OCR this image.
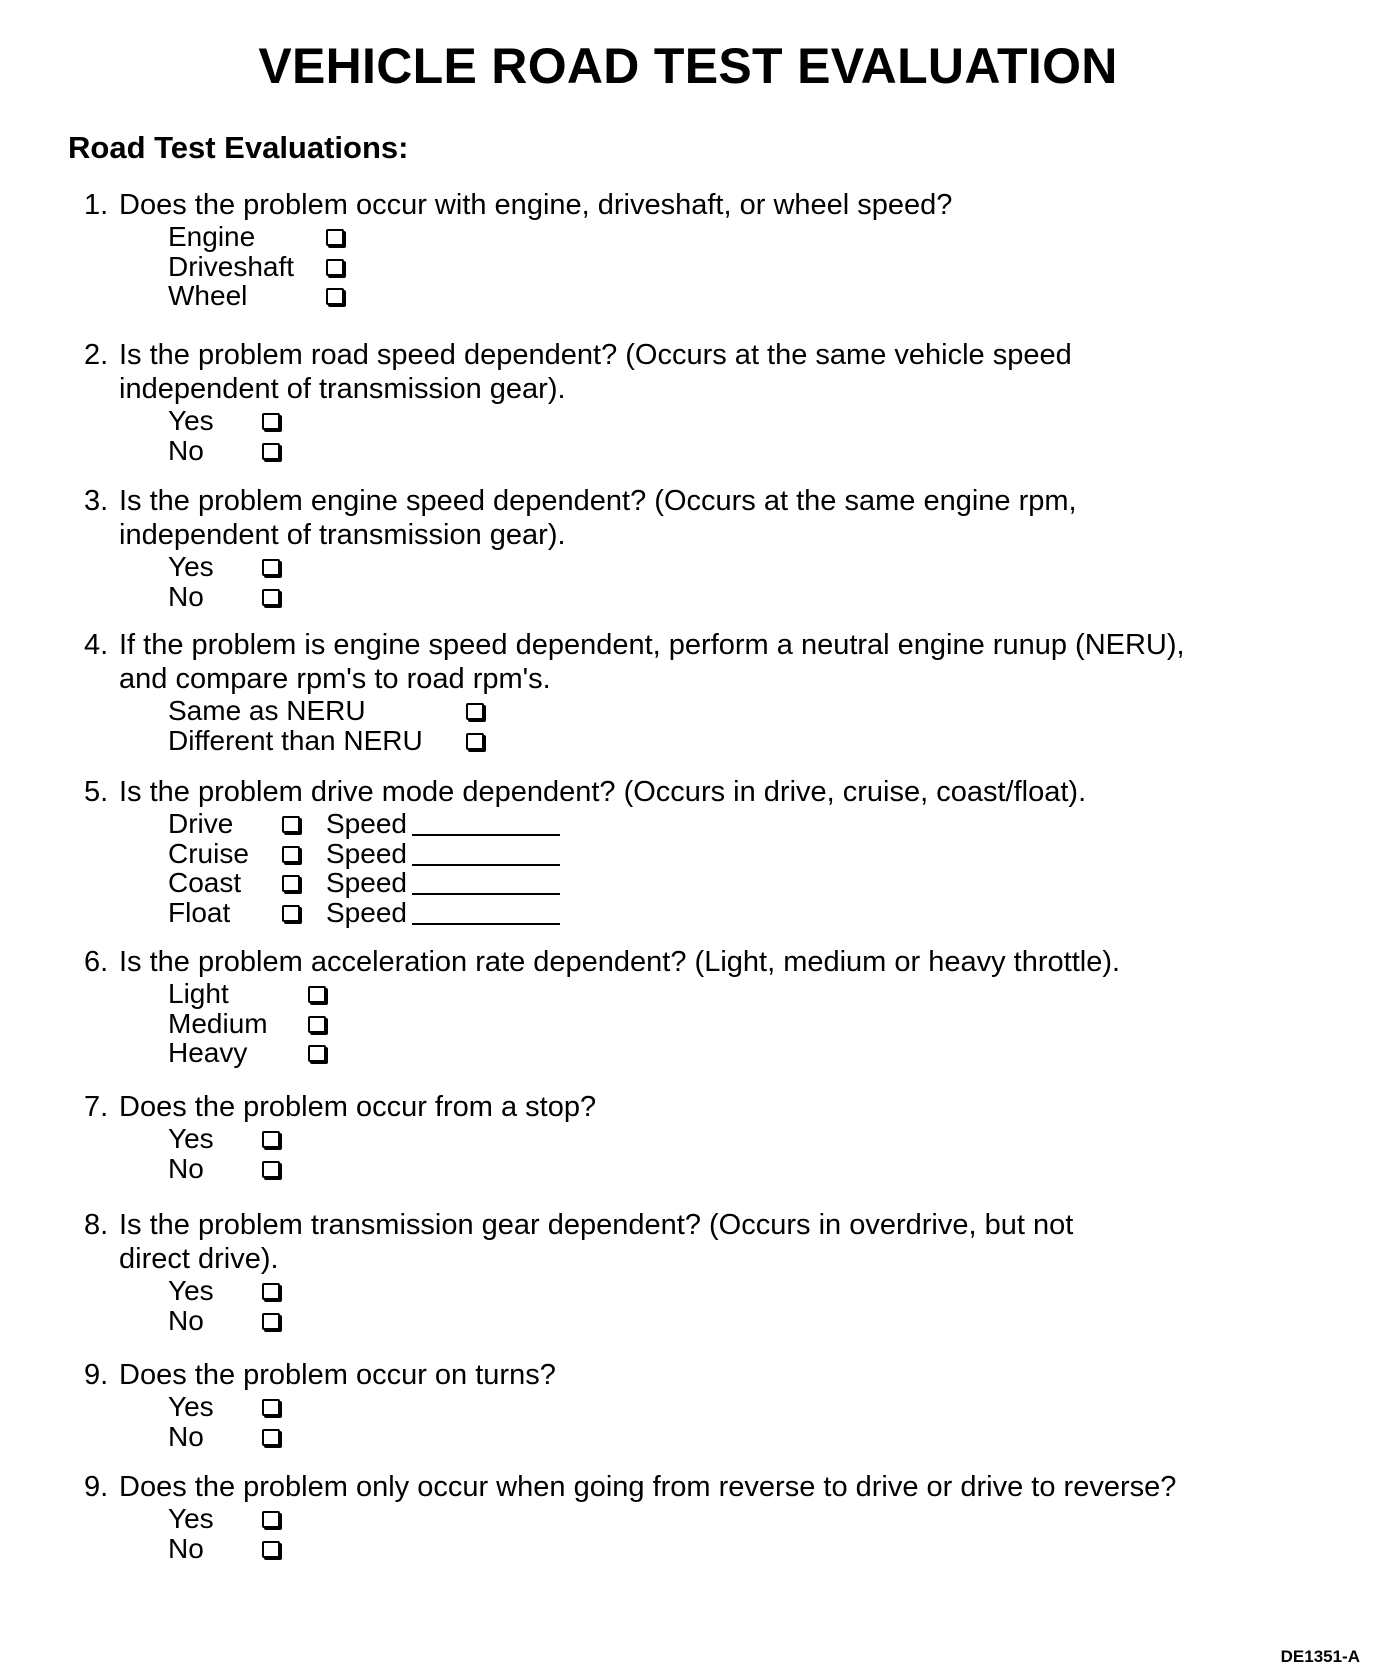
VEHICLE ROAD TEST EVALUATION
Road Test Evaluations:
1. Does the problem occur with engine, driveshaft, or wheel speed?
Engine
Driveshaft
Wheel
2. Is the problem road speed dependent? (Occurs at the same vehicle speed
independent of transmission gear).
Yes
No
3. Is the problem engine speed dependent? (Occurs at the same engine rpm,
independent of transmission gear).
Yes
No
4. If the problem is engine speed dependent, perform a neutral engine runup (NERU),
and compare rpm's to road rpm's.
Same as NERU
Different than NERU
5. Is the problem drive mode dependent? (Occurs in drive, cruise, coast/float).
Drive	Speed
Cruise	Speed
Coast	Speed
Float	Speed
6. Is the problem acceleration rate dependent? (Light, medium or heavy throttle).
Light
Medium
Heavy
7. Does the problem occur from a stop?
Yes
No
8. Is the problem transmission gear dependent? (Occurs in overdrive, but not
direct drive).
Yes
No
9. Does the problem occur on turns?
Yes
No
9. Does the problem only occur when going from reverse to drive or drive to reverse?
Yes
No
DE1351-A
